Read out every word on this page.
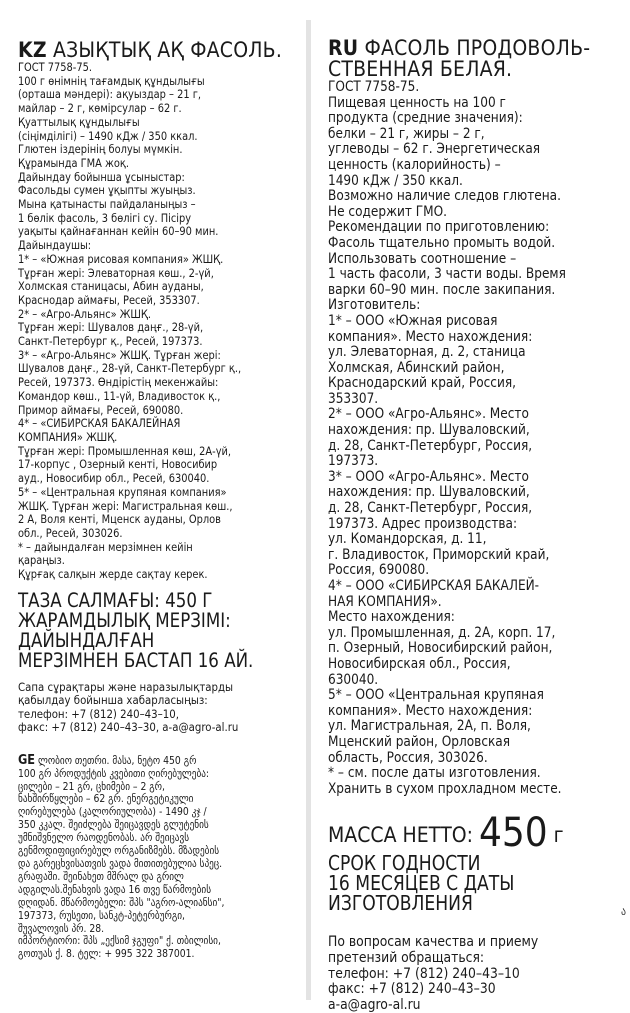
KZ АЗЫҚТЫҚ АҚ ФАСОЛЬ.

ГОСТ 7758-75.

100 г өнімнің тағамдық құндылығы
(орташа мәндері): ақуыздар – 21 г,
майлар – 2 г, көмірсулар – 62 г.
Қуаттылық құндылығы
(сіңімділігі) – 1490 кДж / 350 ккал.
Глютен іздерінің болуы мүмкін.
Құрамында ГМА жоқ.
Дайындау бойынша ұсыныстар:
Фасольды сумен ұқыпты жуыңыз.
Мына қатынасты пайдаланыңыз –
1 бөлік фасоль, 3 бөлігі су. Пісіру
уақыты қайнағаннан кейін 60–90 мин.
Дайындаушы:
1* – «Южная рисовая компания» ЖШҚ.
Тұрған жері: Элеваторная көш., 2-үй,
Холмская станицасы, Абин ауданы,
Краснодар аймағы, Ресей, 353307.
2* – «Агро-Альянс» ЖШҚ.
Тұрған жері: Шувалов даңғ., 28-үй,
Санкт-Петербург қ., Ресей, 197373.
3* – «Агро-Альянс» ЖШҚ. Тұрған жері:
Шувалов даңғ., 28-үй, Санкт-Петербург қ.,
Ресей, 197373. Өндірістің мекенжайы:
Командор көш., 11-үй, Владивосток қ.,
Примор аймағы, Ресей, 690080.
4* – «СИБИРСКАЯ БАКАЛЕЙНАЯ
КОМПАНИЯ» ЖШҚ.
Тұрған жері: Промышленная көш, 2А-үй,
17-корпус , Озерный кенті, Новосибир
ауд., Новосибир обл., Ресей, 630040.
5* – «Центральная крупяная компания»
ЖШҚ. Тұрған жері: Магистральная көш.,
2 А, Воля кенті, Мценск ауданы, Орлов
обл., Ресей, 303026.
* – дайындалған мерзімнен кейін
қараңыз.
Құрғақ салқын жерде сақтау керек.
ТАЗА САЛМАҒЫ: 450 Г
ЖАРАМДЫЛЫҚ МЕРЗІМІ:
ДАЙЫНДАЛҒАН
МЕРЗІМНЕН БАСТАП 16 АЙ.
Сапа сұрақтары және наразылықтарды
қабылдау бойынша хабарласыңыз:
телефон: +7 (812) 240–43–10,
факс: +7 (812) 240–43–30, a-a@agro-al.ru

GE ლობიო თეთრი. მასა, ნეტო 450 გრ

100 გრ პროდუქტის კვებითი ღირებულება:
ცილები – 21 გრ, ცხიმები – 2 გრ,
ნახშირწყლები – 62 გრ. ენერგეტიკული
ღირებულება (კალორიულობა) - 1490 კჯ /
350 კკალ. შეიძლება შეიცავდეს გლუტენის
უმნიშვნელო რაოდენობას. არ შეიცავს
გენმოდიფიცირებულ ორგანიზმებს. მზადების
და გარეცხვისათვის ვადა მითითებულია სპეც.
გრაფაში. შეინახეთ მშრალ და გრილ
ადგილას.შენახვის ვადა 16 თვე წარმოების
დღიდან. მწარმოებელი: შპს "აგრო-ალიანსი",
197373, რუსეთი, სანკტ-პეტერბურგი,
შუვალოვის პრ. 28.
იმპორტიორი: შპს „ექსიმ ჯგუფი" ქ. თბილისი,
გოთუას ქ. 8. ტელ: + 995 322 387001.
RU ФАСОЛЬ ПРОДОВОЛЬ-
СТВЕННАЯ БЕЛАЯ.

ГОСТ 7758-75.

Пищевая ценность на 100 г
продукта (средние значения):
белки – 21 г, жиры – 2 г,
углеводы – 62 г. Энергетическая
ценность (калорийность) –
1490 кДж / 350 ккал.
Возможно наличие следов глютена.
Не содержит ГМО.
Рекомендации по приготовлению:
Фасоль тщательно промыть водой.
Использовать соотношение –
1 часть фасоли, 3 части воды. Время
варки 60–90 мин. после закипания.
Изготовитель:
1* – ООО «Южная рисовая
компания». Место нахождения:
ул. Элеваторная, д. 2, станица
Холмская, Абинский район,
Краснодарский край, Россия,
353307.
2* – ООО «Агро-Альянс». Место
нахождения: пр. Шуваловский,
д. 28, Санкт-Петербург, Россия,
197373.
3* – ООО «Агро-Альянс». Место
нахождения: пр. Шуваловский,
д. 28, Санкт-Петербург, Россия,
197373. Адрес производства:
ул. Командорская, д. 11,
г. Владивосток, Приморский край,
Россия, 690080.
4* – ООО «СИБИРСКАЯ БАКАЛЕЙ-
НАЯ КОМПАНИЯ».
Место нахождения:
ул. Промышленная, д. 2А, корп. 17,
п. Озерный, Новосибирский район,
Новосибирская обл., Россия,
630040.
5* – ООО «Центральная крупяная
компания». Место нахождения:
ул. Магистральная, 2А, п. Воля,
Мценский район, Орловская
область, Россия, 303026.
* – см. после даты изготовления.
Хранить в сухом прохладном месте.
МАССА НЕТТО: 450 г
СРОК ГОДНОСТИ
16 МЕСЯЦЕВ С ДАТЫ
ИЗГОТОВЛЕНИЯ
По вопросам качества и приему
претензий обращаться:
телефон: +7 (812) 240–43–10
факс: +7 (812) 240–43–30
a-a@agro-al.ru
ა
